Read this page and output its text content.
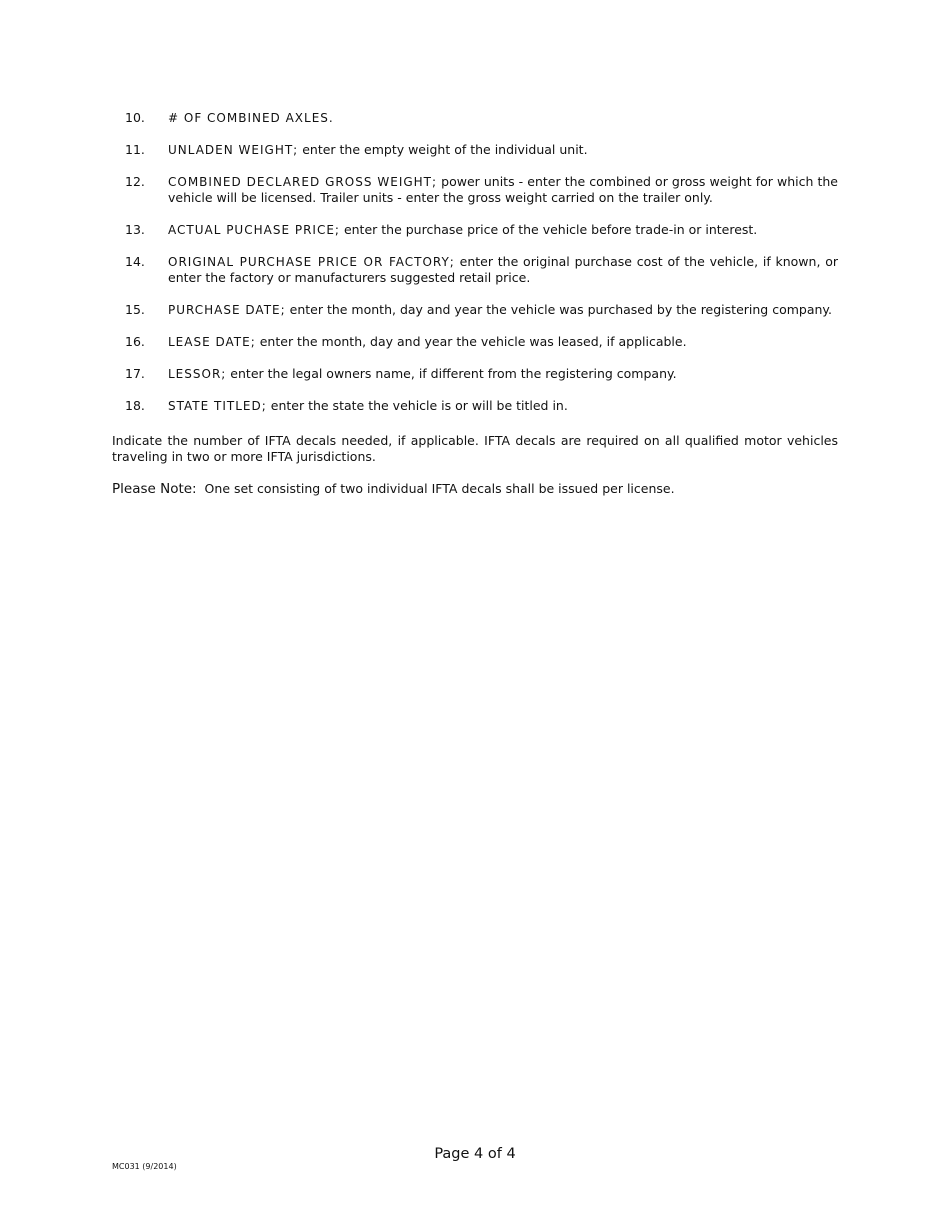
10.	# OF COMBINED AXLES.
11.	UNLADEN WEIGHT; enter the empty weight of the individual unit.
12.	COMBINED DECLARED GROSS WEIGHT; power units - enter the combined or gross weight for which the vehicle will be licensed. Trailer units - enter the gross weight carried on the trailer only.
13.	ACTUAL PUCHASE PRICE; enter the purchase price of the vehicle before trade-in or interest.
14.	ORIGINAL PURCHASE PRICE OR FACTORY; enter the original purchase cost of the vehicle, if known, or enter the factory or manufacturers suggested retail price.
15.	PURCHASE DATE; enter the month, day and year the vehicle was purchased by the registering company.
16.	LEASE DATE; enter the month, day and year the vehicle was leased, if applicable.
17.	LESSOR; enter the legal owners name, if different from the registering company.
18.	STATE TITLED; enter the state the vehicle is or will be titled in.

Indicate the number of IFTA decals needed, if applicable. IFTA decals are required on all qualified motor vehicles traveling in two or more IFTA jurisdictions.

Please Note:  One set consisting of two individual IFTA decals shall be issued per license.

Page 4 of 4
MC031 (9/2014)
